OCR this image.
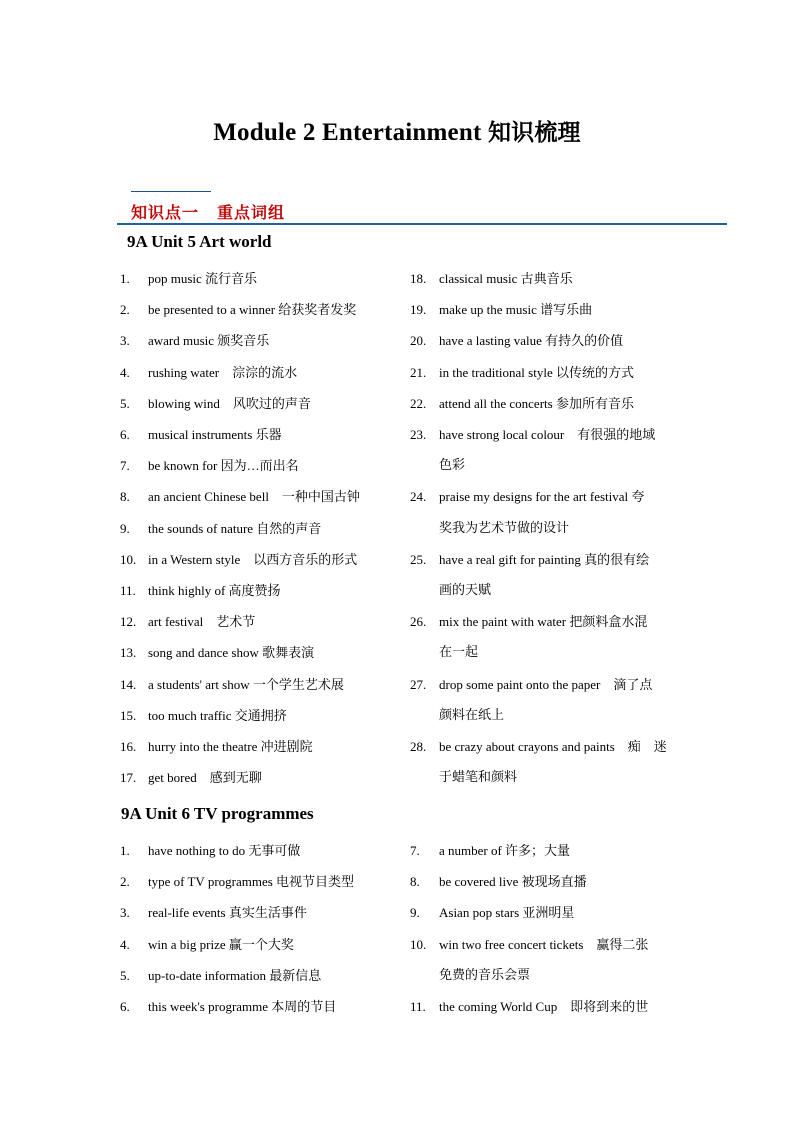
Module 2 Entertainment 知识梳理
知识点一 重点词组
9A Unit 5 Art world
9A Unit 6 TV programmes
1. pop music 流行音乐
2. be presented to a winner 给获奖者发奖
3. award music 颁奖音乐
4. rushing water　淙淙的流水
5. blowing wind　风吹过的声音
6. musical instruments 乐器
7. be known for 因为…而出名
8. an ancient Chinese bell　一种中国古钟
9. the sounds of nature 自然的声音
10. in a Western style　以西方音乐的形式
11. think highly of 高度赞扬
12. art festival　艺术节
13. song and dance show 歌舞表演
14. a students' art show 一个学生艺术展
15. too much traffic 交通拥挤
16. hurry into the theatre 冲进剧院
17. get bored　感到无聊
18. classical music 古典音乐
19. make up the music 谱写乐曲
20. have a lasting value 有持久的价值
21. in the traditional style 以传统的方式
22. attend all the concerts 参加所有音乐
23. have strong local colour　有很强的地域
色彩
24. praise my designs for the art festival 夸
奖我为艺术节做的设计
25. have a real gift for painting 真的很有绘
画的天赋
26. mix the paint with water 把颜料盒水混
在一起
27. drop some paint onto the paper　滴了点
颜料在纸上
28. be crazy about crayons and paints　痴　迷
于蜡笔和颜料
1. have nothing to do 无事可做
2. type of TV programmes 电视节目类型
3. real-life events 真实生活事件
4. win a big prize 赢一个大奖
5. up-to-date information 最新信息
6. this week's programme 本周的节目
7. a number of 许多；大量
8. be covered live 被现场直播
9. Asian pop stars 亚洲明星
10. win two free concert tickets　赢得二张
免费的音乐会票
11. the coming World Cup　即将到来的世
